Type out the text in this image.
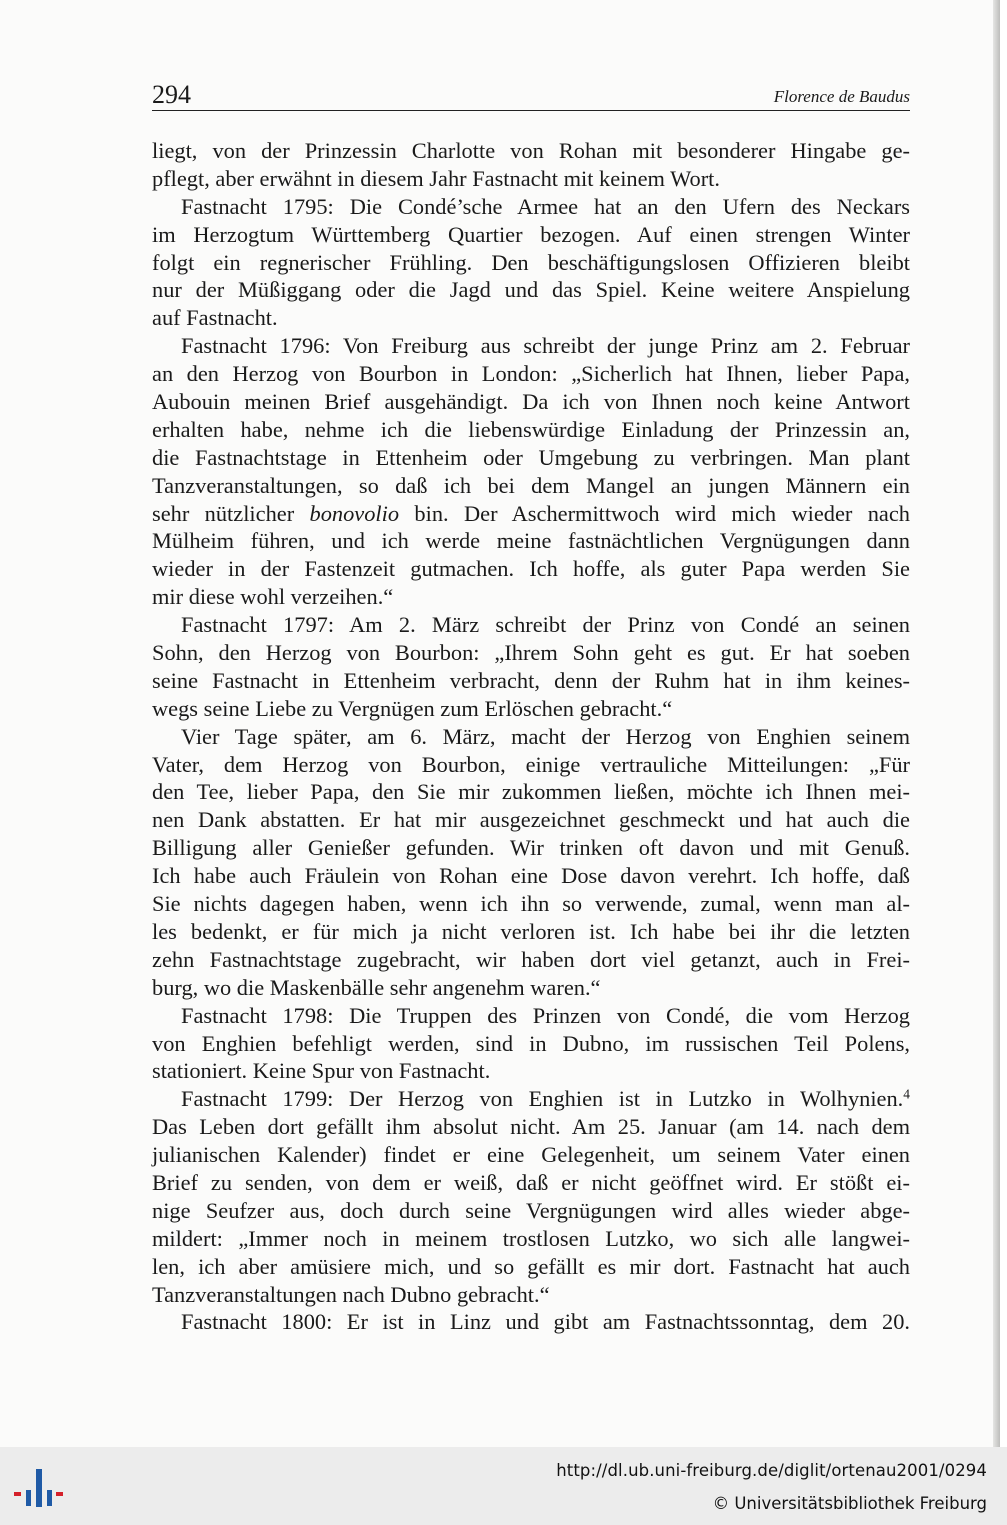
294	Florence de Baudus
liegt, von der Prinzessin Charlotte von Rohan mit besonderer Hingabe ge-
pflegt, aber erwähnt in diesem Jahr Fastnacht mit keinem Wort.
Fastnacht 1795: Die Condé’sche Armee hat an den Ufern des Neckars
im Herzogtum Württemberg Quartier bezogen. Auf einen strengen Winter
folgt ein regnerischer Frühling. Den beschäftigungslosen Offizieren bleibt
nur der Müßiggang oder die Jagd und das Spiel. Keine weitere Anspielung
auf Fastnacht.
Fastnacht 1796: Von Freiburg aus schreibt der junge Prinz am 2. Februar
an den Herzog von Bourbon in London: „Sicherlich hat Ihnen, lieber Papa,
Aubouin meinen Brief ausgehändigt. Da ich von Ihnen noch keine Antwort
erhalten habe, nehme ich die liebenswürdige Einladung der Prinzessin an,
die Fastnachtstage in Ettenheim oder Umgebung zu verbringen. Man plant
Tanzveranstaltungen, so daß ich bei dem Mangel an jungen Männern ein
sehr nützlicher bonovolio bin. Der Aschermittwoch wird mich wieder nach
Mülheim führen, und ich werde meine fastnächtlichen Vergnügungen dann
wieder in der Fastenzeit gutmachen. Ich hoffe, als guter Papa werden Sie
mir diese wohl verzeihen.“
Fastnacht 1797: Am 2. März schreibt der Prinz von Condé an seinen
Sohn, den Herzog von Bourbon: „Ihrem Sohn geht es gut. Er hat soeben
seine Fastnacht in Ettenheim verbracht, denn der Ruhm hat in ihm keines-
wegs seine Liebe zu Vergnügen zum Erlöschen gebracht.“
Vier Tage später, am 6. März, macht der Herzog von Enghien seinem
Vater, dem Herzog von Bourbon, einige vertrauliche Mitteilungen: „Für
den Tee, lieber Papa, den Sie mir zukommen ließen, möchte ich Ihnen mei-
nen Dank abstatten. Er hat mir ausgezeichnet geschmeckt und hat auch die
Billigung aller Genießer gefunden. Wir trinken oft davon und mit Genuß.
Ich habe auch Fräulein von Rohan eine Dose davon verehrt. Ich hoffe, daß
Sie nichts dagegen haben, wenn ich ihn so verwende, zumal, wenn man al-
les bedenkt, er für mich ja nicht verloren ist. Ich habe bei ihr die letzten
zehn Fastnachtstage zugebracht, wir haben dort viel getanzt, auch in Frei-
burg, wo die Maskenbälle sehr angenehm waren.“
Fastnacht 1798: Die Truppen des Prinzen von Condé, die vom Herzog
von Enghien befehligt werden, sind in Dubno, im russischen Teil Polens,
stationiert. Keine Spur von Fastnacht.
Fastnacht 1799: Der Herzog von Enghien ist in Lutzko in Wolhynien.$^4$
Das Leben dort gefällt ihm absolut nicht. Am 25. Januar (am 14. nach dem
julianischen Kalender) findet er eine Gelegenheit, um seinem Vater einen
Brief zu senden, von dem er weiß, daß er nicht geöffnet wird. Er stößt ei-
nige Seufzer aus, doch durch seine Vergnügungen wird alles wieder abge-
mildert: „Immer noch in meinem trostlosen Lutzko, wo sich alle langwei-
len, ich aber amüsiere mich, und so gefällt es mir dort. Fastnacht hat auch
Tanzveranstaltungen nach Dubno gebracht.“
Fastnacht 1800: Er ist in Linz und gibt am Fastnachtssonntag, dem 20.
http://dl.ub.uni-freiburg.de/diglit/ortenau2001/0294
© Universitätsbibliothek Freiburg
